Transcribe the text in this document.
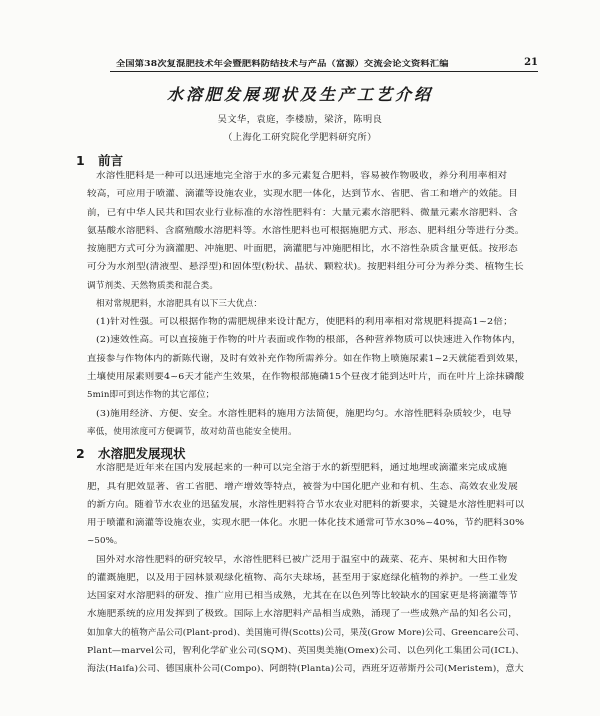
全国第38次复混肥技术年会暨肥料防结技术与产品（富源）交流会论文资料汇编	21
水溶肥发展现状及生产工艺介绍
吴文华，袁庭，李楼励，梁济，陈明良
（上海化工研究院化学肥料研究所）
1 前言
水溶性肥料是一种可以迅速地完全溶于水的多元素复合肥料，容易被作物吸收，养分利用率相对
较高，可应用于喷灌、滴灌等设施农业，实现水肥一体化，达到节水、省肥、省工和增产的效能。目
前，已有中华人民共和国农业行业标准的水溶性肥料有：大量元素水溶肥料、微量元素水溶肥料、含
氨基酸水溶肥料、含腐殖酸水溶肥料等。水溶性肥料也可根据施肥方式、形态、肥料组分等进行分类。
按施肥方式可分为滴灌肥、冲施肥、叶面肥，滴灌肥与冲施肥相比，水不溶性杂质含量更低。按形态
可分为水剂型(清液型、悬浮型)和固体型(粉状、晶状、颗粒状)。按肥料组分可分为养分类、植物生长
调节剂类、天然物质类和混合类。
相对常规肥料，水溶肥具有以下三大优点：
(1)针对性强。可以根据作物的需肥规律来设计配方，使肥料的利用率相对常规肥料提高1~2倍；
(2)速效性高。可以直接施于作物的叶片表面或作物的根部，各种营养物质可以快速进入作物体内，
直接参与作物体内的新陈代谢，及时有效补充作物所需养分。如在作物上喷施尿素1~2天就能看到效果，
土壤使用尿素则要4~6天才能产生效果，在作物根部施磷15个昼夜才能到达叶片，而在叶片上涂抹磷酸
5min即可到达作物的其它部位；
(3)施用经济、方便、安全。水溶性肥料的施用方法简便，施肥均匀。水溶性肥料杂质较少，电导
率低，使用浓度可方便调节，故对幼苗也能安全使用。
2 水溶肥发展现状
水溶肥是近年来在国内发展起来的一种可以完全溶于水的新型肥料，通过地埋或滴灌来完成成施
肥，具有肥效显著、省工省肥、增产增效等特点，被誉为中国化肥产业和有机、生态、高效农业发展
的新方向。随着节水农业的迅猛发展，水溶性肥料符合节水农业对肥料的新要求，关键是水溶性肥料可以
用于喷灌和滴灌等设施农业，实现水肥一体化。水肥一体化技术通常可节水30%~40%，节约肥料30%
~50%。
国外对水溶性肥料的研究较早，水溶性肥料已被广泛用于温室中的蔬菜、花卉、果树和大田作物
的灌溉施肥，以及用于园林景观绿化植物、高尔夫球场，甚至用于家庭绿化植物的养护。一些工业发
达国家对水溶肥料的研发、推广应用已相当成熟，尤其在在以色列等比较缺水的国家更是将滴灌等节
水施肥系统的应用发挥到了极致。国际上水溶肥料产品相当成熟，涌现了一些成熟产品的知名公司，
如加拿大的植物产品公司(Plant-prod)、美国施可得(Scotts)公司，果茂(Grow More)公司、Greencare公司、
Plant—marvel公司，智利化学矿业公司(SQM)、英国奥美施(Omex)公司、以色列化工集团公司(ICL)、
海法(Haifa)公司、德国康朴公司(Compo)、阿朗特(Planta)公司，西班牙迈蒂斯丹公司(Meristem)，意大
